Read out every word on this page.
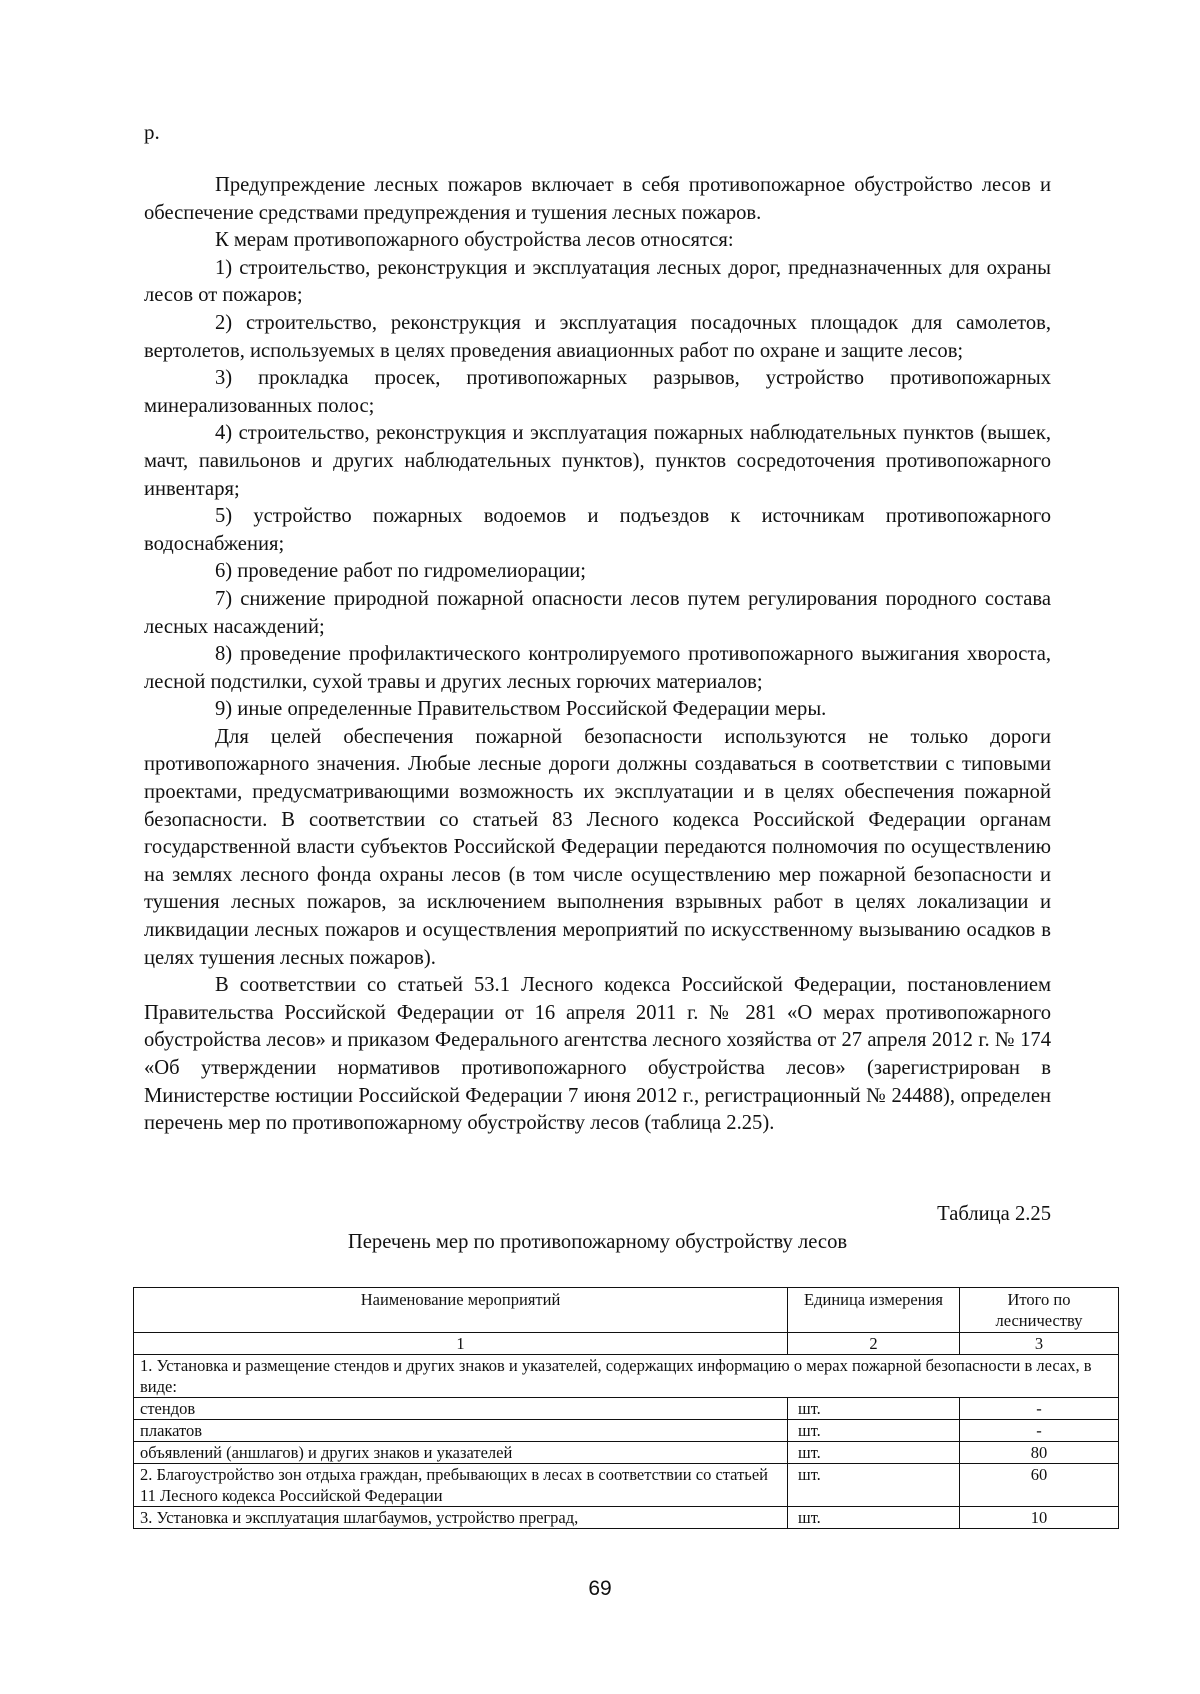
р.

Предупреждение лесных пожаров включает в себя противопожарное обустройство лесов и обеспечение средствами предупреждения и тушения лесных пожаров.

К мерам противопожарного обустройства лесов относятся:

1) строительство, реконструкция и эксплуатация лесных дорог, предназначенных для охраны лесов от пожаров;

2) строительство, реконструкция и эксплуатация посадочных площадок для самолетов, вертолетов, используемых в целях проведения авиационных работ по охране и защите лесов;

3) прокладка просек, противопожарных разрывов, устройство противопожарных минерализованных полос;

4) строительство, реконструкция и эксплуатация пожарных наблюдательных пунктов (вышек, мачт, павильонов и других наблюдательных пунктов), пунктов сосредоточения противопожарного инвентаря;

5) устройство пожарных водоемов и подъездов к источникам противопожарного водоснабжения;

6) проведение работ по гидромелиорации;

7) снижение природной пожарной опасности лесов путем регулирования породного состава лесных насаждений;

8) проведение профилактического контролируемого противопожарного выжигания хвороста, лесной подстилки, сухой травы и других лесных горючих материалов;

9) иные определенные Правительством Российской Федерации меры.

Для целей обеспечения пожарной безопасности используются не только дороги противопожарного значения. Любые лесные дороги должны создаваться в соответствии с типовыми проектами, предусматривающими возможность их эксплуатации и в целях обеспечения пожарной безопасности. В соответствии со статьей 83 Лесного кодекса Российской Федерации органам государственной власти субъектов Российской Федерации передаются полномочия по осуществлению на землях лесного фонда охраны лесов (в том числе осуществлению мер пожарной безопасности и тушения лесных пожаров, за исключением выполнения взрывных работ в целях локализации и ликвидации лесных пожаров и осуществления мероприятий по искусственному вызыванию осадков в целях тушения лесных пожаров).

В соответствии со статьей 53.1 Лесного кодекса Российской Федерации, постановлением Правительства Российской Федерации от 16 апреля 2011 г. № 281 «О мерах противопожарного обустройства лесов» и приказом Федерального агентства лесного хозяйства от 27 апреля 2012 г. № 174 «Об утверждении нормативов противопожарного обустройства лесов» (зарегистрирован в Министерстве юстиции Российской Федерации 7 июня 2012 г., регистрационный № 24488), определен перечень мер по противопожарному обустройству лесов (таблица 2.25).

Таблица 2.25
Перечень мер по противопожарному обустройству лесов
Наименование мероприятий	Единица измерения	Итого по лесничеству
1	2	3
1. Установка и размещение стендов и других знаков и указателей, содержащих информацию о мерах пожарной безопасности в лесах, в виде:		
стендов	шт.	-
плакатов	шт.	-
объявлений (аншлагов) и других знаков и указателей	шт.	80
2. Благоустройство зон отдыха граждан, пребывающих в лесах в соответствии со статьей 11 Лесного кодекса Российской Федерации	шт.	60
3. Установка и эксплуатация шлагбаумов, устройство преград,	шт.	10
69
